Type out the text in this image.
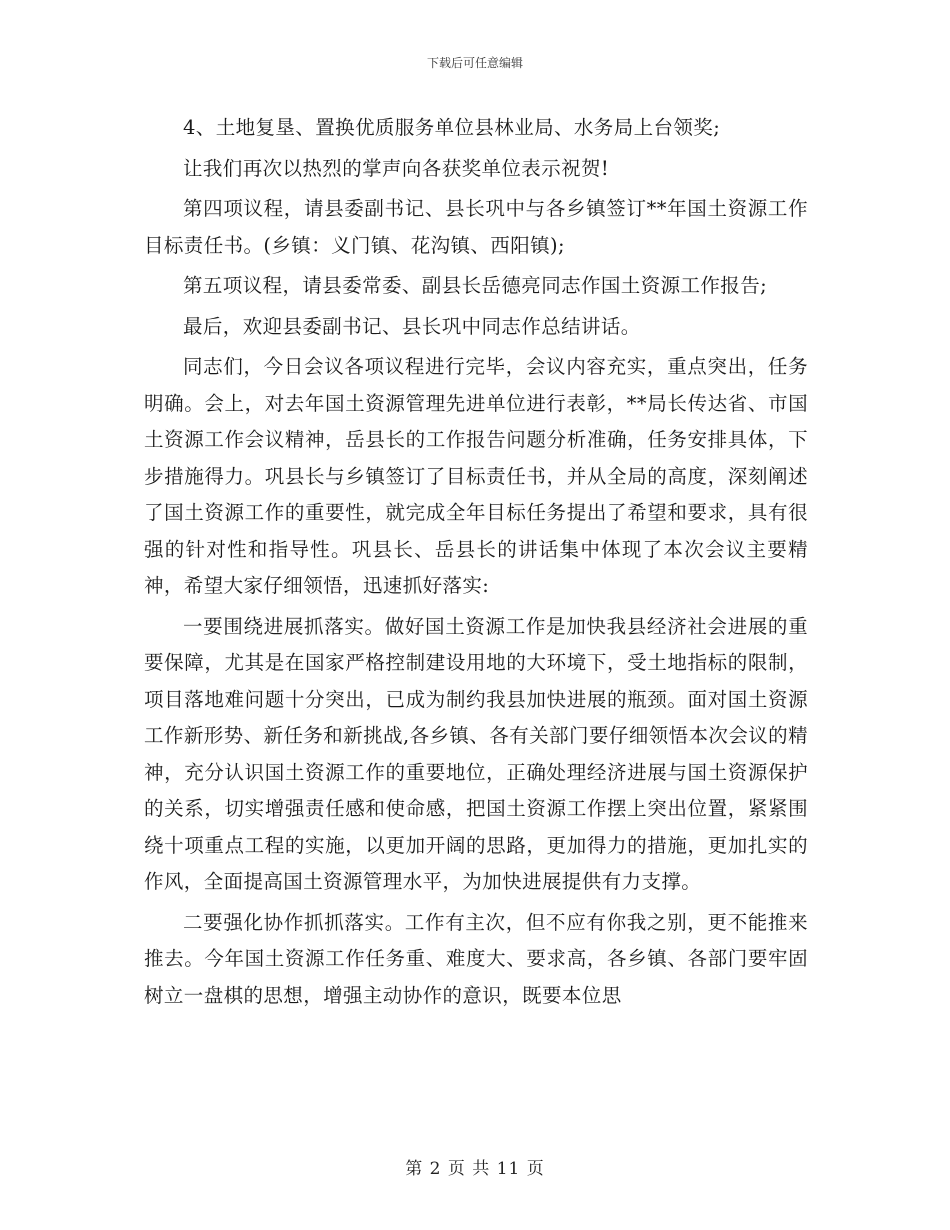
下载后可任意编辑

4、土地复垦、置换优质服务单位县林业局、水务局上台领奖;

让我们再次以热烈的掌声向各获奖单位表示祝贺!

第四项议程，请县委副书记、县长巩中与各乡镇签订**年国土资源工作目标责任书。(乡镇：义门镇、花沟镇、西阳镇);

第五项议程，请县委常委、副县长岳德亮同志作国土资源工作报告;

最后，欢迎县委副书记、县长巩中同志作总结讲话。

同志们，今日会议各项议程进行完毕，会议内容充实，重点突出，任务明确。会上，对去年国土资源管理先进单位进行表彰，**局长传达省、市国土资源工作会议精神，岳县长的工作报告问题分析准确，任务安排具体，下步措施得力。巩县长与乡镇签订了目标责任书，并从全局的高度，深刻阐述了国土资源工作的重要性，就完成全年目标任务提出了希望和要求，具有很强的针对性和指导性。巩县长、岳县长的讲话集中体现了本次会议主要精神，希望大家仔细领悟，迅速抓好落实:

一要围绕进展抓落实。做好国土资源工作是加快我县经济社会进展的重要保障，尤其是在国家严格控制建设用地的大环境下，受土地指标的限制，项目落地难问题十分突出，已成为制约我县加快进展的瓶颈。面对国土资源工作新形势、新任务和新挑战,各乡镇、各有关部门要仔细领悟本次会议的精神，充分认识国土资源工作的重要地位，正确处理经济进展与国土资源保护的关系，切实增强责任感和使命感，把国土资源工作摆上突出位置，紧紧围绕十项重点工程的实施，以更加开阔的思路，更加得力的措施，更加扎实的作风，全面提高国土资源管理水平，为加快进展提供有力支撑。

二要强化协作抓抓落实。工作有主次，但不应有你我之别，更不能推来推去。今年国土资源工作任务重、难度大、要求高，各乡镇、各部门要牢固树立一盘棋的思想，增强主动协作的意识，既要本位思

第 2 页 共 11 页
